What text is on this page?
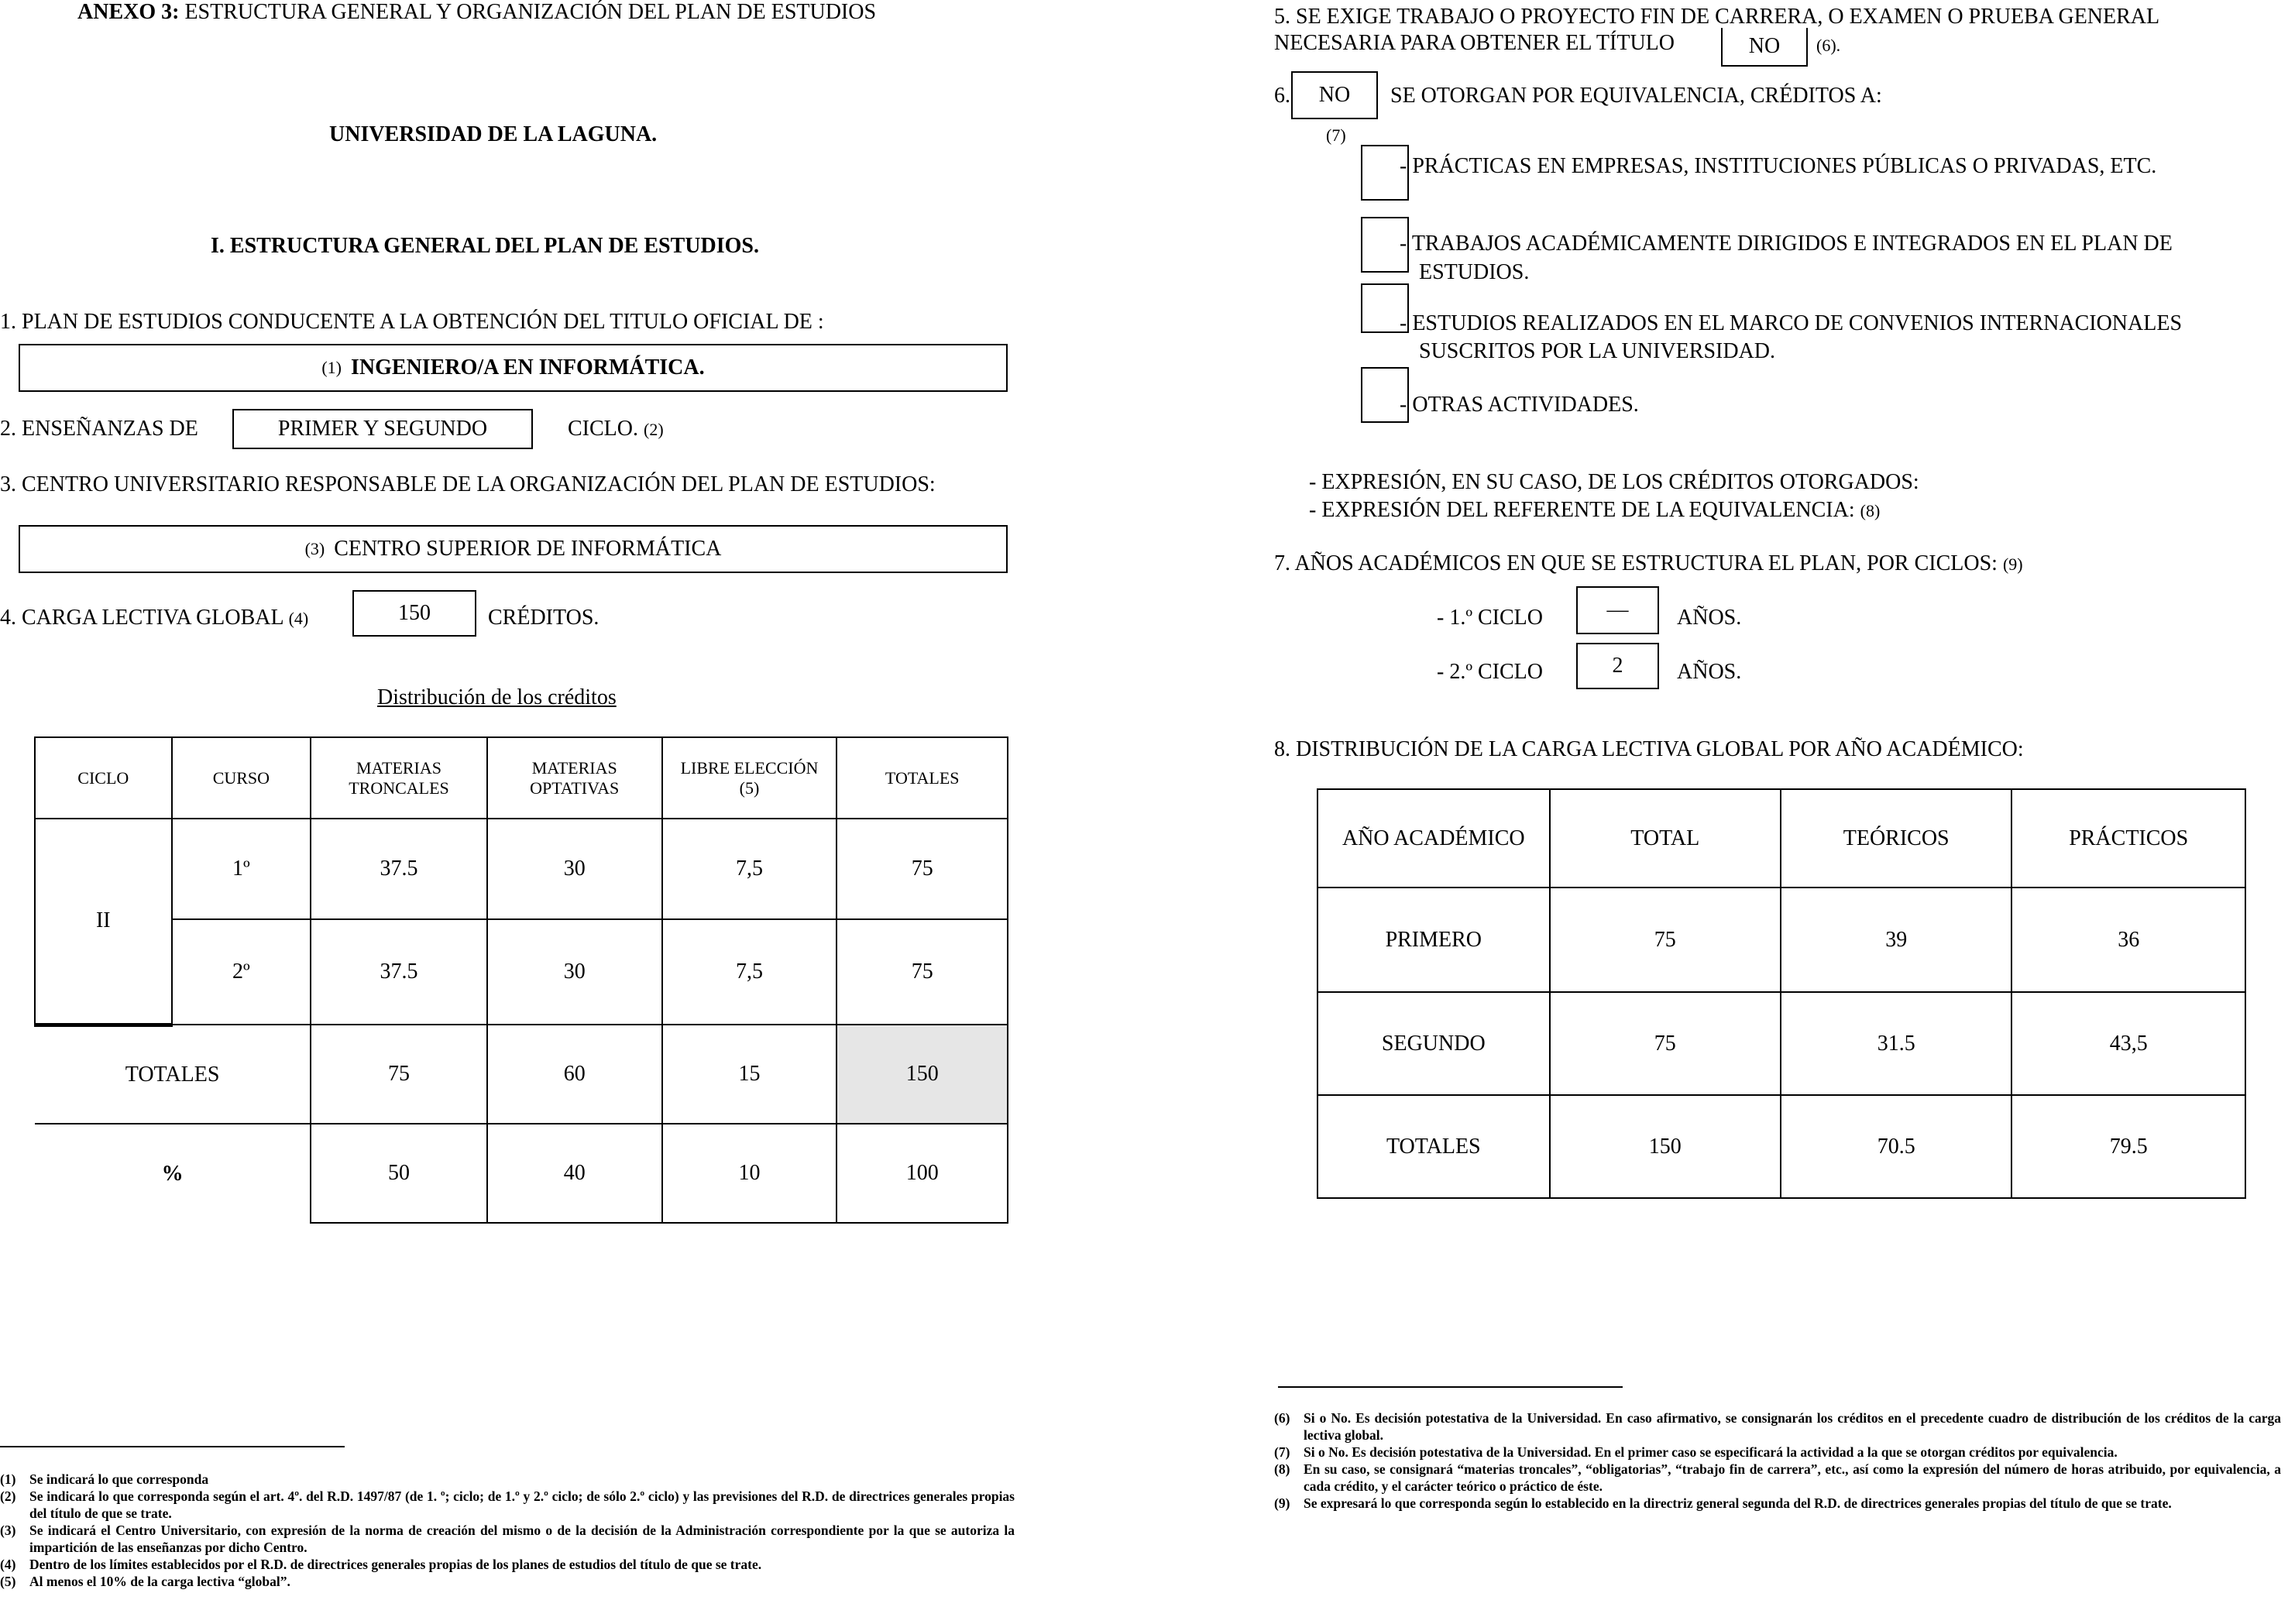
ANEXO 3: ESTRUCTURA GENERAL Y ORGANIZACIÓN DEL PLAN DE ESTUDIOS
UNIVERSIDAD DE LA LAGUNA.
I. ESTRUCTURA GENERAL DEL PLAN DE ESTUDIOS.
1. PLAN DE ESTUDIOS CONDUCENTE A LA OBTENCIÓN DEL TITULO OFICIAL DE :
(1) INGENIERO/A EN INFORMÁTICA.
2. ENSEÑANZAS DE	PRIMER Y SEGUNDO	CICLO. (2)
3. CENTRO UNIVERSITARIO RESPONSABLE DE LA ORGANIZACIÓN DEL PLAN DE ESTUDIOS:
(3) CENTRO SUPERIOR DE INFORMÁTICA
4. CARGA LECTIVA GLOBAL (4)	150	CRÉDITOS.
Distribución de los créditos
CICLO	CURSO	MATERIAS TRONCALES	MATERIAS OPTATIVAS	LIBRE ELECCIÓN (5)	TOTALES
II	1º	37.5	30	7,5	75
	2º	37.5	30	7,5	75
TOTALES		75	60	15	150
%		50	40	10	100
(1)	Se indicará lo que corresponda
(2)	Se indicará lo que corresponda según el art. 4º. del R.D. 1497/87 (de 1. º; ciclo; de 1.º y 2.º ciclo; de sólo 2.º ciclo) y las previsiones del R.D. de directrices generales propias del título de que se trate.
(3)	Se indicará el Centro Universitario, con expresión de la norma de creación del mismo o de la decisión de la Administración correspondiente por la que se autoriza la impartición de las enseñanzas por dicho Centro.
(4)	Dentro de los límites establecidos por el R.D. de directrices generales propias de los planes de estudios del título de que se trate.
(5)	Al menos el 10% de la carga lectiva “global”.
5. SE EXIGE TRABAJO O PROYECTO FIN DE CARRERA, O EXAMEN O PRUEBA GENERAL
NECESARIA PARA OBTENER EL TÍTULO	NO (6).
6. NO SE OTORGAN POR EQUIVALENCIA, CRÉDITOS A:
(7)
- PRÁCTICAS EN EMPRESAS, INSTITUCIONES PÚBLICAS O PRIVADAS, ETC.
- TRABAJOS ACADÉMICAMENTE DIRIGIDOS E INTEGRADOS EN EL PLAN DE
ESTUDIOS.
- ESTUDIOS REALIZADOS EN EL MARCO DE CONVENIOS INTERNACIONALES
SUSCRITOS POR LA UNIVERSIDAD.
- OTRAS ACTIVIDADES.
- EXPRESIÓN, EN SU CASO, DE LOS CRÉDITOS OTORGADOS:
- EXPRESIÓN DEL REFERENTE DE LA EQUIVALENCIA: (8)
7. AÑOS ACADÉMICOS EN QUE SE ESTRUCTURA EL PLAN, POR CICLOS: (9)
- 1.º CICLO	— AÑOS.
- 2.º CICLO	2 AÑOS.
8. DISTRIBUCIÓN DE LA CARGA LECTIVA GLOBAL POR AÑO ACADÉMICO:
AÑO ACADÉMICO	TOTAL	TEÓRICOS	PRÁCTICOS
PRIMERO	75	39	36
SEGUNDO	75	31.5	43,5
TOTALES	150	70.5	79.5
(6)	Si o No. Es decisión potestativa de la Universidad. En caso afirmativo, se consignarán los créditos en el precedente cuadro de distribución de los créditos de la carga lectiva global.
(7)	Si o No. Es decisión potestativa de la Universidad. En el primer caso se especificará la actividad a la que se otorgan créditos por equivalencia.
(8)	En su caso, se consignará “materias troncales”, “obligatorias”, “trabajo fin de carrera”, etc., así como la expresión del número de horas atribuido, por equivalencia, a cada crédito, y el carácter teórico o práctico de éste.
(9)	Se expresará lo que corresponda según lo establecido en la directriz general segunda del R.D. de directrices generales propias del título de que se trate.
